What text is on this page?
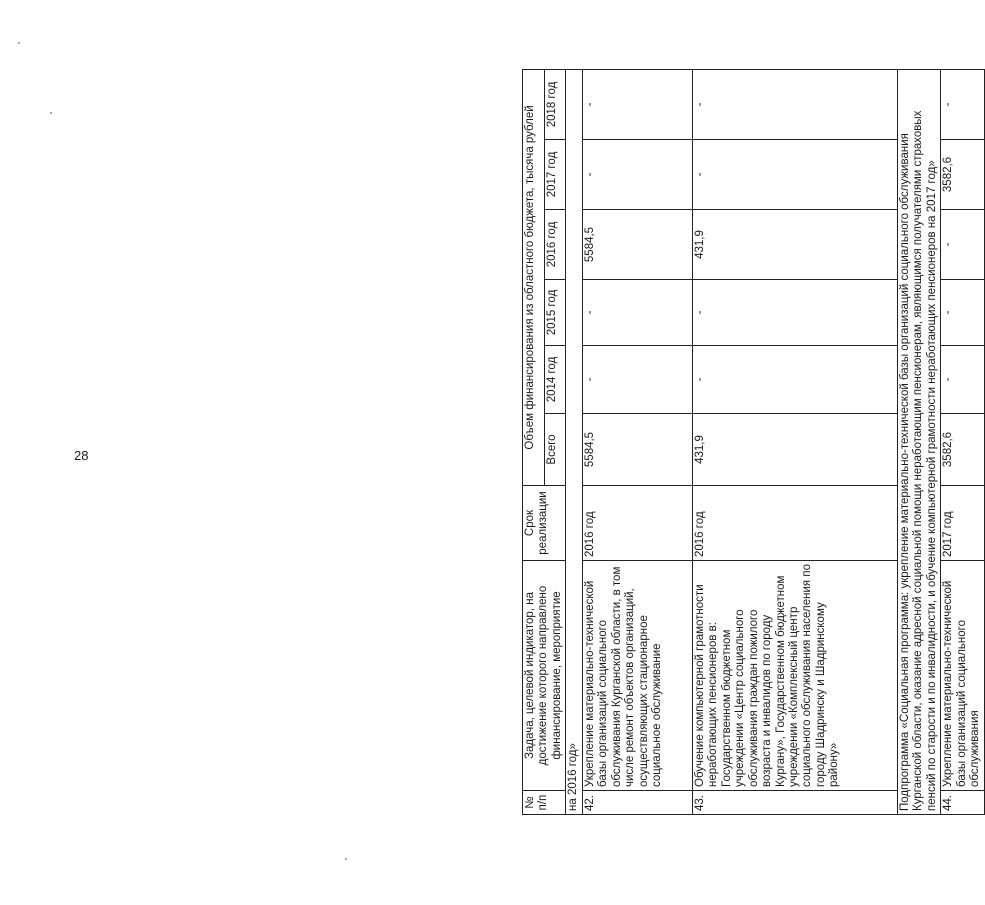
28
№ п/п	Задача, целевой индикатор, на достижение которого направлено финансирование, мероприятие	Срок реализации	Объем финансирования из областного бюджета, тысяча рублей					
			Всего	2014 год	2015 год	2016 год	2017 год	2018 год
на 2016 год»								
42.	Укрепление материально-технической базы организаций социального обслуживания Курганской области, в том числе ремонт объектов организаций, осуществляющих стационарное социальное обслуживание	2016 год	5584,5	-	-	5584,5	-	-
43.	Обучение компьютерной грамотности неработающих пенсионеров в: Государственном бюджетном учреждении «Центр социального обслуживания граждан пожилого возраста и инвалидов по городу Кургану», Государственном бюджетном учреждении «Комплексный центр социального обслуживания населения по городу Шадринску и Шадринскому району»	2016 год	431,9	-	-	431,9	-	-
Подпрограмма «Социальная программа: укрепление материально-технической базы организаций социального обслуживания Курганской области, оказание адресной социальной помощи неработающим пенсионерам, являющимся получателями страховых пенсий по старости и по инвалидности, и обучение компьютерной грамотности неработающих пенсионеров на 2017 год»								
44.	Укрепление материально-технической базы организаций социального обслуживания	2017 год	3582,6	-	-	-	3582,6	-
